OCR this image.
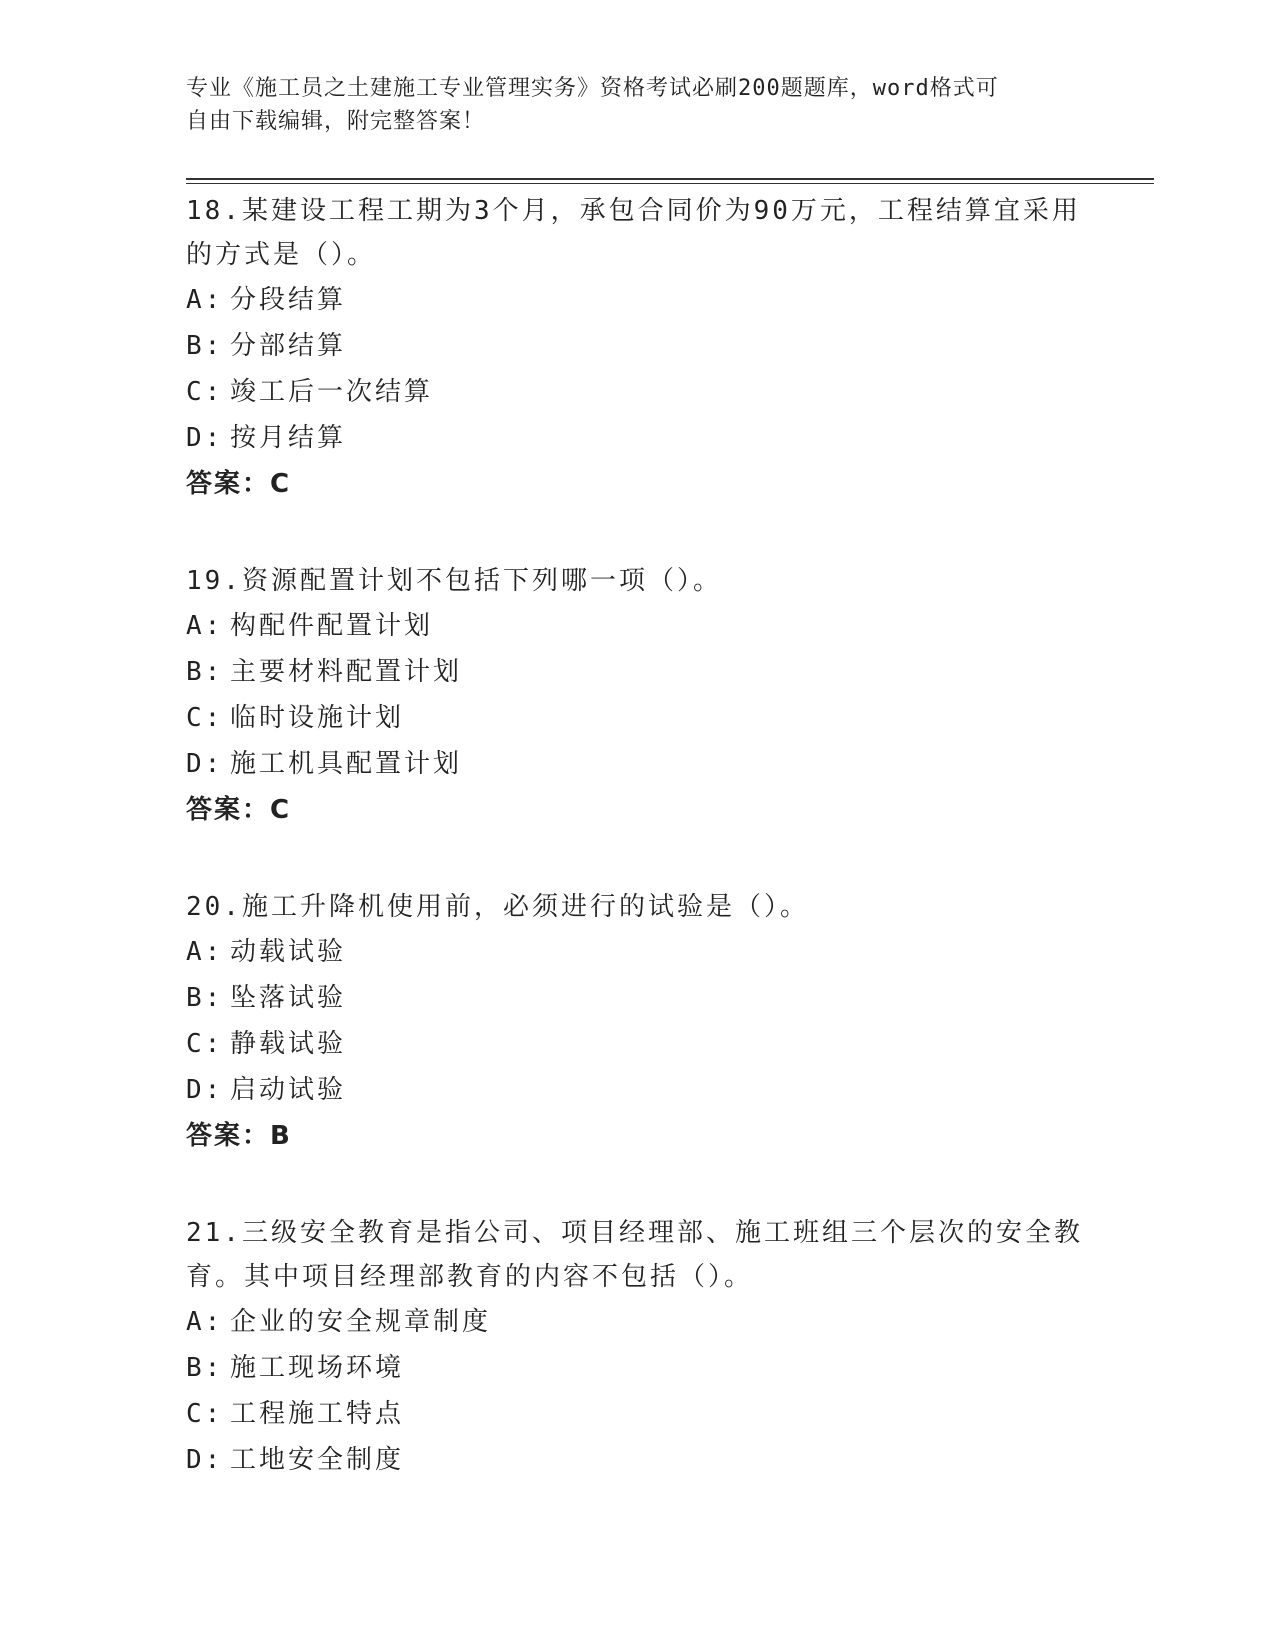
专业《施工员之土建施工专业管理实务》资格考试必刷200题题库，word格式可
自由下载编辑，附完整答案！

18.某建设工程工期为3个月，承包合同价为90万元，工程结算宜采用的方式是（）。

A: 分段结算

B: 分部结算

C: 竣工后一次结算

D: 按月结算

答案：C

19.资源配置计划不包括下列哪一项（）。

A: 构配件配置计划

B: 主要材料配置计划

C: 临时设施计划

D: 施工机具配置计划

答案：C

20.施工升降机使用前，必须进行的试验是（）。

A: 动载试验

B: 坠落试验

C: 静载试验

D: 启动试验

答案：B

21.三级安全教育是指公司、项目经理部、施工班组三个层次的安全教育。其中项目经理部教育的内容不包括（）。

A: 企业的安全规章制度

B: 施工现场环境

C: 工程施工特点

D: 工地安全制度
